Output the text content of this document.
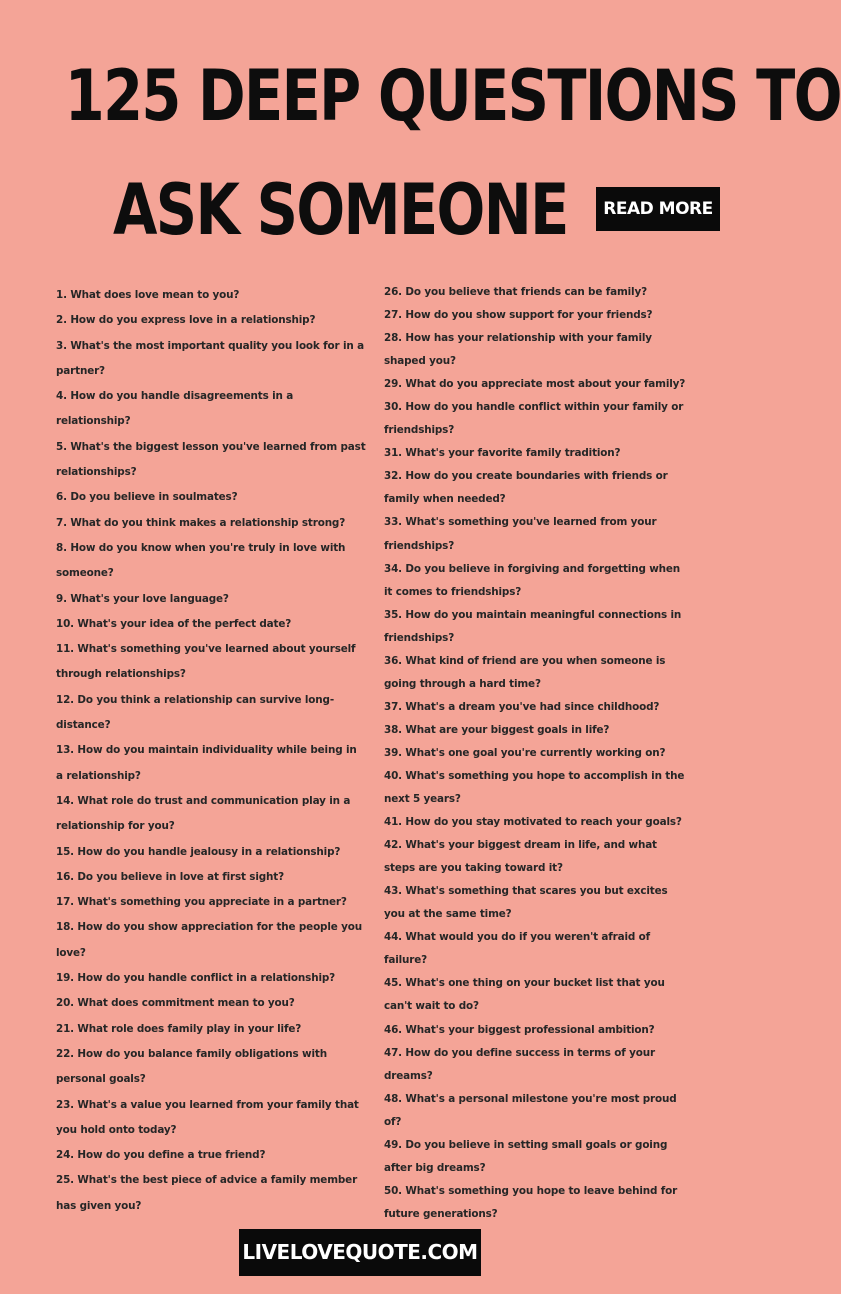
125 DEEP QUESTIONS TO
ASK SOMEONE	READ MORE
1. What does love mean to you?
2. How do you express love in a relationship?
3. What's the most important quality you look for in a partner?
4. How do you handle disagreements in a relationship?
5. What's the biggest lesson you've learned from past relationships?
6. Do you believe in soulmates?
7. What do you think makes a relationship strong?
8. How do you know when you're truly in love with someone?
9. What's your love language?
10. What's your idea of the perfect date?
11. What's something you've learned about yourself through relationships?
12. Do you think a relationship can survive long-distance?
13. How do you maintain individuality while being in a relationship?
14. What role do trust and communication play in a relationship for you?
15. How do you handle jealousy in a relationship?
16. Do you believe in love at first sight?
17. What's something you appreciate in a partner?
18. How do you show appreciation for the people you love?
19. How do you handle conflict in a relationship?
20. What does commitment mean to you?
21. What role does family play in your life?
22. How do you balance family obligations with personal goals?
23. What's a value you learned from your family that you hold onto today?
24. How do you define a true friend?
25. What's the best piece of advice a family member has given you?
26. Do you believe that friends can be family?
27. How do you show support for your friends?
28. How has your relationship with your family shaped you?
29. What do you appreciate most about your family?
30. How do you handle conflict within your family or friendships?
31. What's your favorite family tradition?
32. How do you create boundaries with friends or family when needed?
33. What's something you've learned from your friendships?
34. Do you believe in forgiving and forgetting when it comes to friendships?
35. How do you maintain meaningful connections in friendships?
36. What kind of friend are you when someone is going through a hard time?
37. What's a dream you've had since childhood?
38. What are your biggest goals in life?
39. What's one goal you're currently working on?
40. What's something you hope to accomplish in the next 5 years?
41. How do you stay motivated to reach your goals?
42. What's your biggest dream in life, and what steps are you taking toward it?
43. What's something that scares you but excites you at the same time?
44. What would you do if you weren't afraid of failure?
45. What's one thing on your bucket list that you can't wait to do?
46. What's your biggest professional ambition?
47. How do you define success in terms of your dreams?
48. What's a personal milestone you're most proud of?
49. Do you believe in setting small goals or going after big dreams?
50. What's something you hope to leave behind for future generations?
LIVELOVEQUOTE.COM
